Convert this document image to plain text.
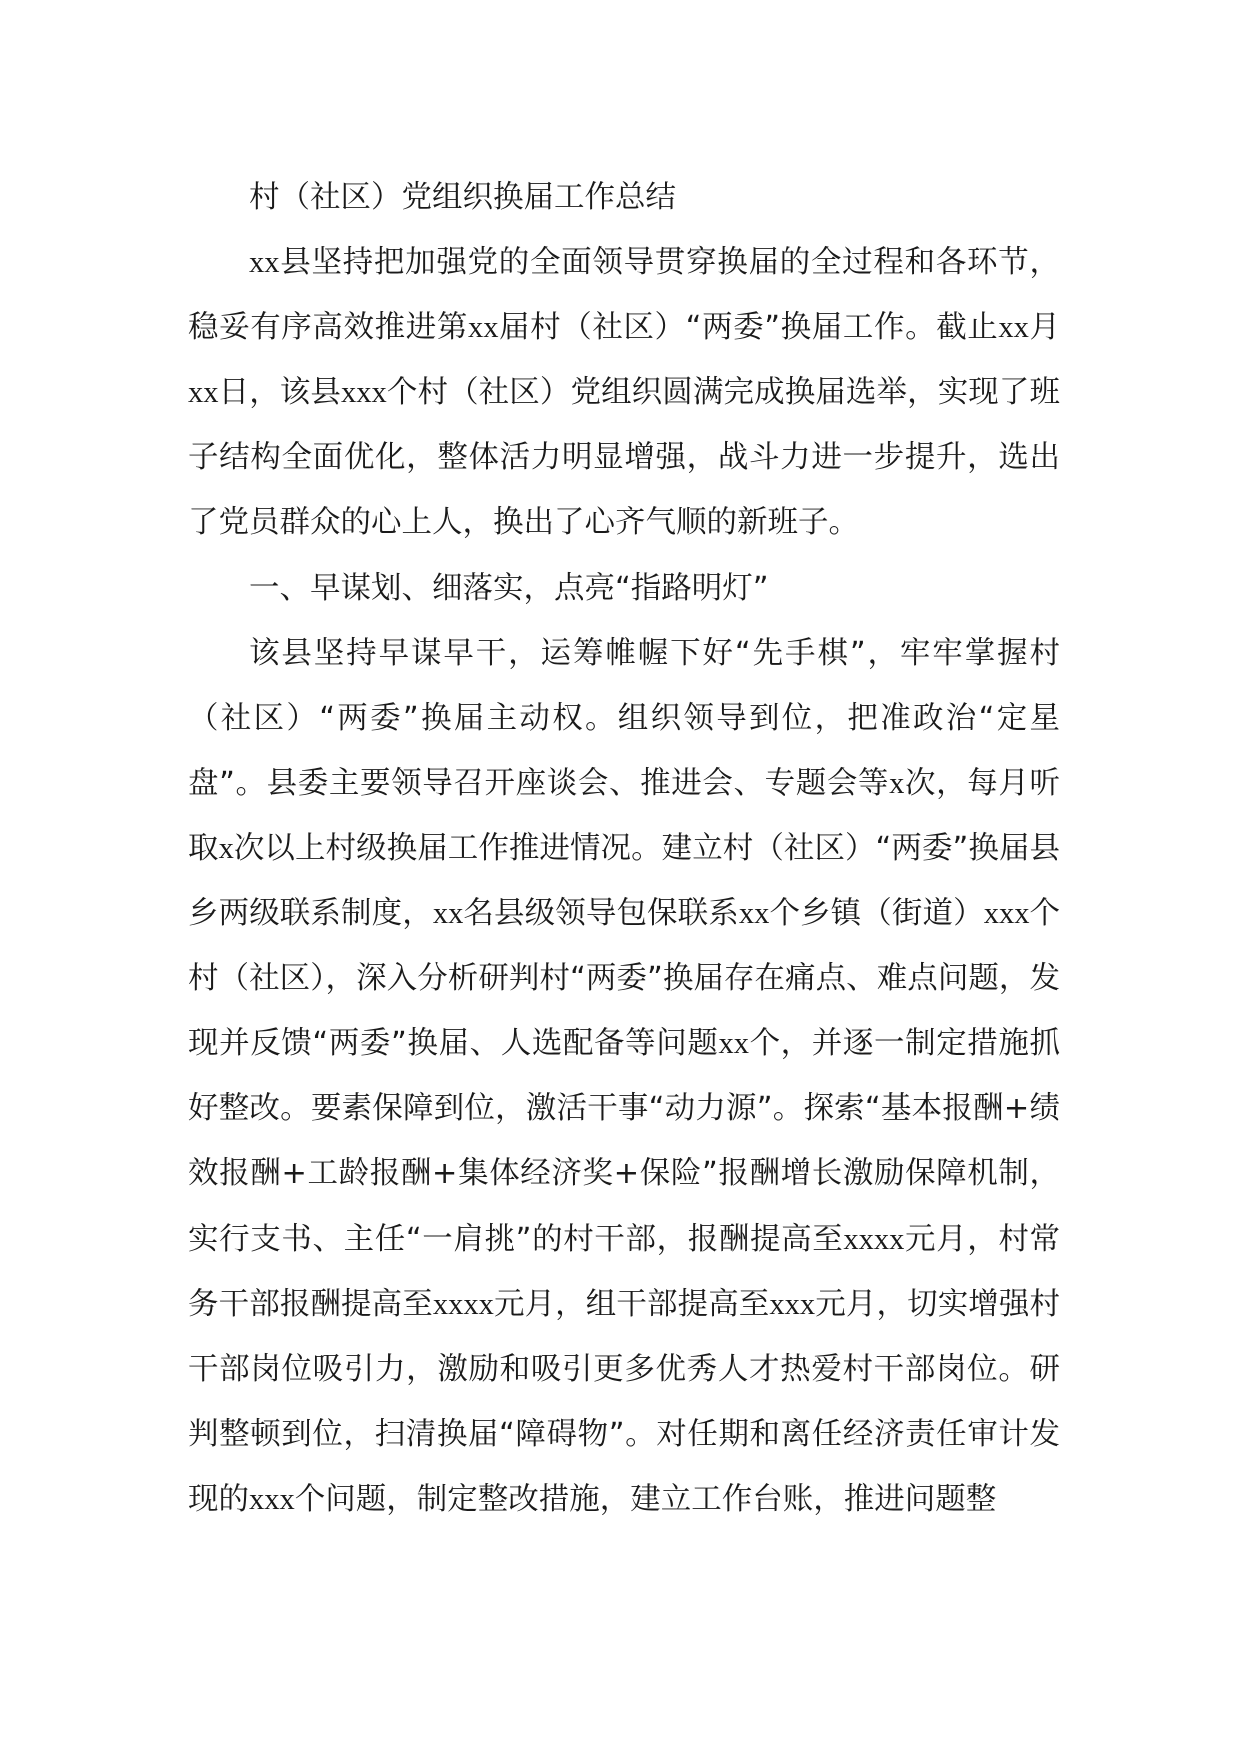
村（社区）党组织换届工作总结

xx县坚持把加强党的全面领导贯穿换届的全过程和各环节，稳妥有序高效推进第xx届村（社区）“两委”换届工作。截止xx月xx日，该县xxx个村（社区）党组织圆满完成换届选举，实现了班子结构全面优化，整体活力明显增强，战斗力进一步提升，选出了党员群众的心上人，换出了心齐气顺的新班子。

一、早谋划、细落实，点亮“指路明灯”

该县坚持早谋早干，运筹帷幄下好“先手棋”，牢牢掌握村（社区）“两委”换届主动权。组织领导到位，把准政治“定星盘”。县委主要领导召开座谈会、推进会、专题会等x次，每月听取x次以上村级换届工作推进情况。建立村（社区）“两委”换届县乡两级联系制度，xx名县级领导包保联系xx个乡镇（街道）xxx个村（社区），深入分析研判村“两委”换届存在痛点、难点问题，发现并反馈“两委”换届、人选配备等问题xx个，并逐一制定措施抓好整改。要素保障到位，激活干事“动力源”。探索“基本报酬+绩效报酬+工龄报酬+集体经济奖+保险”报酬增长激励保障机制，实行支书、主任“一肩挑”的村干部，报酬提高至xxxx元月，村常务干部报酬提高至xxxx元月，组干部提高至xxx元月，切实增强村干部岗位吸引力，激励和吸引更多优秀人才热爱村干部岗位。研判整顿到位，扫清换届“障碍物”。对任期和离任经济责任审计发现的xxx个问题，制定整改措施，建立工作台账，推进问题整
